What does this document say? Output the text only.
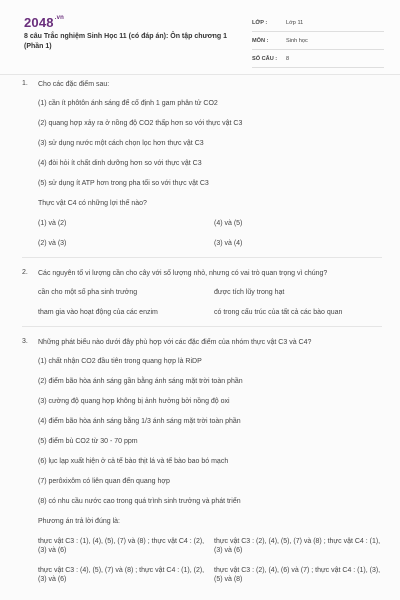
$2048^{.vn}$
8 câu Trắc nghiệm Sinh Học 11 (có đáp án): Ôn tập chương 1 (Phần 1)
LỚP :	Lớp 11
MÔN :	Sinh học
SỐ CÂU :	8
1. Cho các đặc điểm sau:
(1) cần ít phôtôn ánh sáng để cố định 1 gam phân tử CO2
(2) quang hợp xảy ra ở nồng độ CO2 thấp hơn so với thực vật C3
(3) sử dụng nước một cách chọn lọc hơn thực vật C3
(4) đòi hỏi ít chất dinh dưỡng hơn so với thực vật C3
(5) sử dụng ít ATP hơn trong pha tối so với thực vật C3
Thực vật C4 có những lợi thế nào?
(1) và (2)	(4) và (5)
(2) và (3)	(3) và (4)
2. Các nguyên tố vi lượng cần cho cây với số lượng nhỏ, nhưng có vai trò quan trọng vì chúng?
cần cho một số pha sinh trưởng	được tích lũy trong hạt
tham gia vào hoạt động của các enzim	có trong cấu trúc của tất cả các bào quan
3. Những phát biểu nào dưới đây phù hợp với các đặc điểm của nhóm thực vật C3 và C4?
(1) chất nhận CO2 đầu tiên trong quang hợp là RiDP
(2) điểm bão hòa ánh sáng gần bằng ánh sáng mặt trời toàn phần
(3) cường độ quang hợp không bị ảnh hưởng bởi nồng độ oxi
(4) điểm bão hòa ánh sáng bằng 1/3 ánh sáng mặt trời toàn phần
(5) điểm bù CO2 từ 30 - 70 ppm
(6) lục lạp xuất hiện ở cả tế bào thịt lá và tế bào bao bó mạch
(7) perôxixôm có liên quan đến quang hợp
(8) có nhu cầu nước cao trong quá trình sinh trưởng và phát triển
Phương án trả lời đúng là:
thực vật C3 : (1), (4), (5), (7) và (8) ; thực vật C4 : (2), (3) và (6)
thực vật C3 : (2), (4), (5), (7) và (8) ; thực vật C4 : (1), (3) và (6)
thực vật C3 : (4), (5), (7) và (8) ; thực vật C4 : (1), (2), (3) và (6)
thực vật C3 : (2), (4), (6) và (7) ; thực vật C4 : (1), (3), (5) và (8)
